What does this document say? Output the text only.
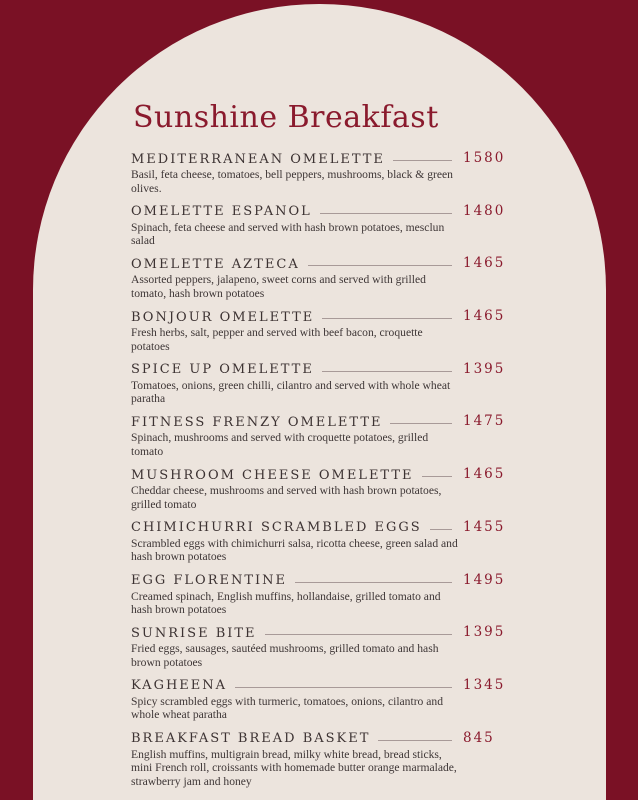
Sunshine Breakfast
MEDITERRANEAN OMELETTE	1580
Basil, feta cheese, tomatoes, bell peppers, mushrooms, black & green olives.
OMELETTE ESPANOL	1480
Spinach, feta cheese and served with hash brown potatoes, mesclun salad
OMELETTE AZTECA	1465
Assorted peppers, jalapeno, sweet corns and served with grilled tomato, hash brown potatoes
BONJOUR OMELETTE	1465
Fresh herbs, salt, pepper and served with beef bacon, croquette potatoes
SPICE UP OMELETTE	1395
Tomatoes, onions, green chilli, cilantro and served with whole wheat paratha
FITNESS FRENZY OMELETTE	1475
Spinach, mushrooms and served with croquette potatoes, grilled tomato
MUSHROOM CHEESE OMELETTE	1465
Cheddar cheese, mushrooms and served with hash brown potatoes, grilled tomato
CHIMICHURRI SCRAMBLED EGGS	1455
Scrambled eggs with chimichurri salsa, ricotta cheese, green salad and hash brown potatoes
EGG FLORENTINE	1495
Creamed spinach, English muffins, hollandaise, grilled tomato and hash brown potatoes
SUNRISE BITE	1395
Fried eggs, sausages, sautéed mushrooms, grilled tomato and hash brown potatoes
KAGHEENA	1345
Spicy scrambled eggs with turmeric, tomatoes, onions, cilantro and whole wheat paratha
BREAKFAST BREAD BASKET	845
English muffins, multigrain bread, milky white bread, bread sticks, mini French roll, croissants with homemade butter orange marmalade, strawberry jam and honey
